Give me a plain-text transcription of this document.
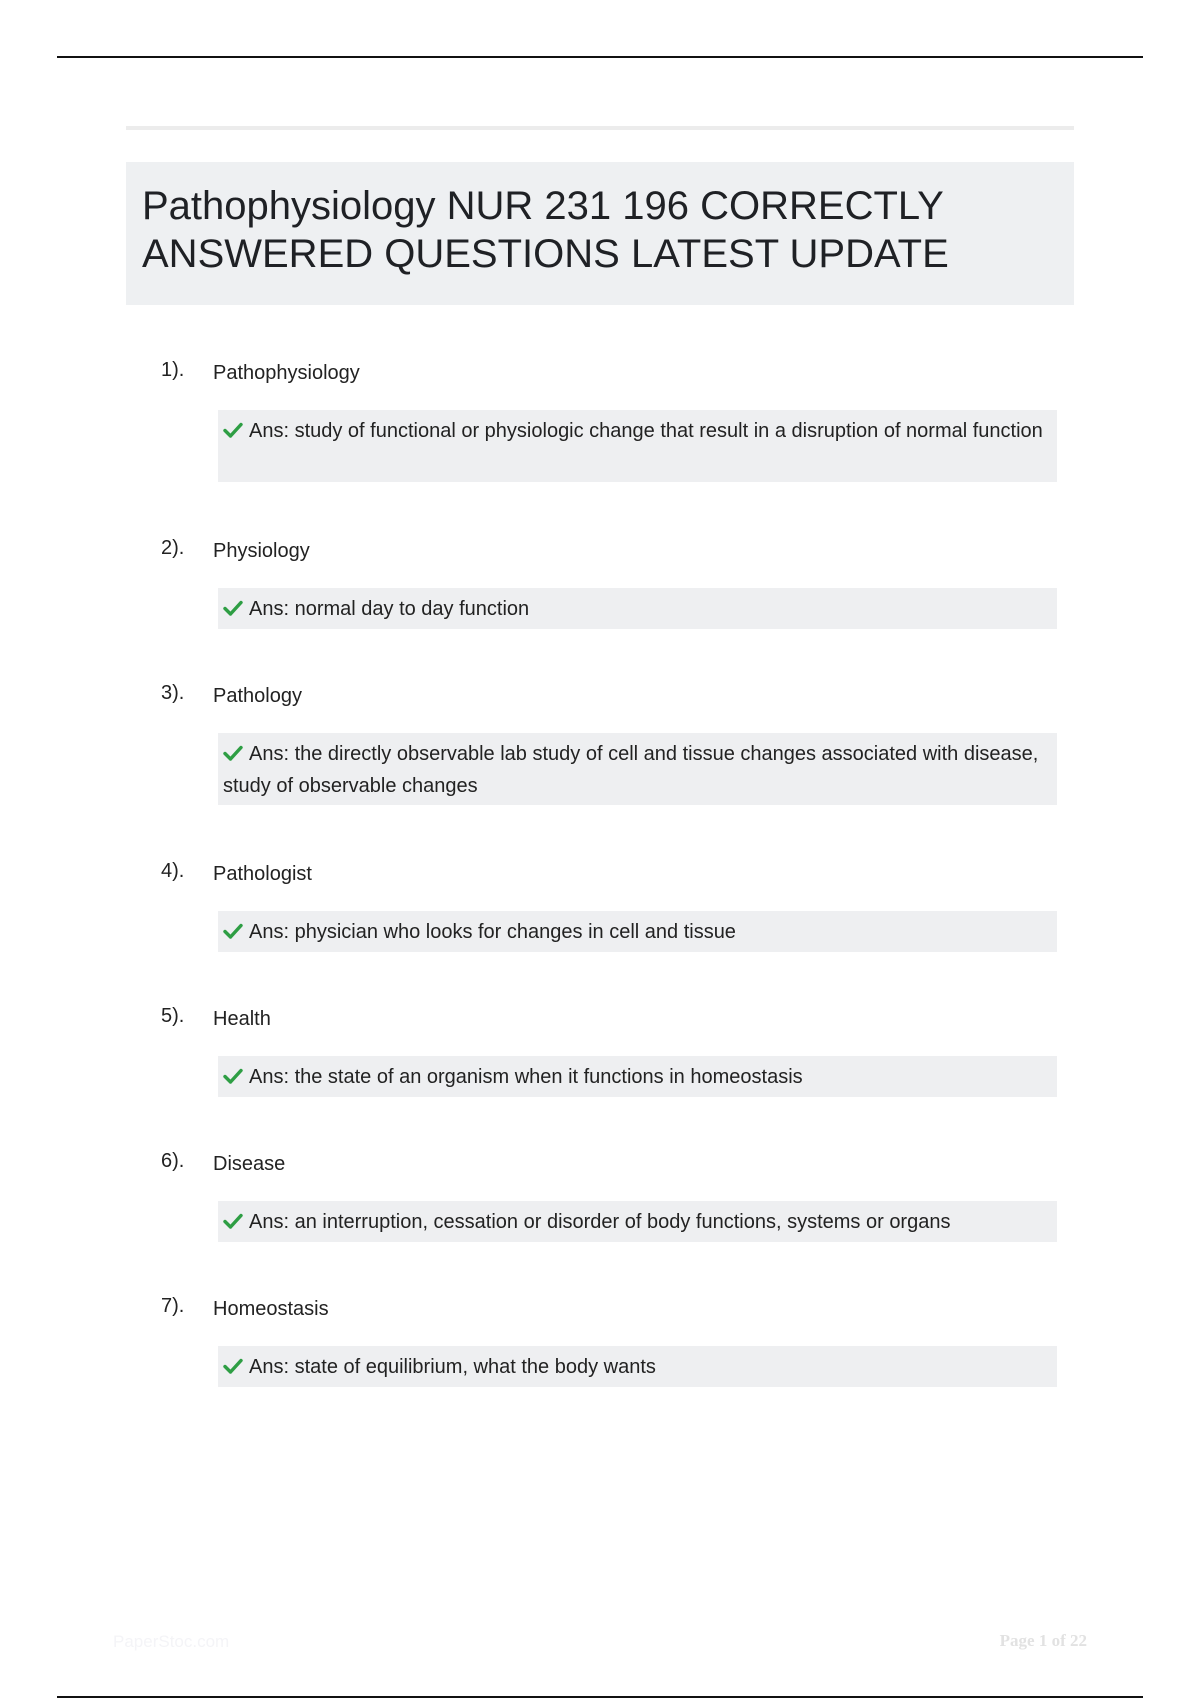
Pathophysiology NUR 231 196 CORRECTLY ANSWERED QUESTIONS LATEST UPDATE
1). Pathophysiology
Ans: study of functional or physiologic change that result in a disruption of normal function
2). Physiology
Ans: normal day to day function
3). Pathology
Ans: the directly observable lab study of cell and tissue changes associated with disease, study of observable changes
4). Pathologist
Ans: physician who looks for changes in cell and tissue
5). Health
Ans: the state of an organism when it functions in homeostasis
6). Disease
Ans: an interruption, cessation or disorder of body functions, systems or organs
7). Homeostasis
Ans: state of equilibrium, what the body wants
PaperStoc.com	Page 1 of 22
